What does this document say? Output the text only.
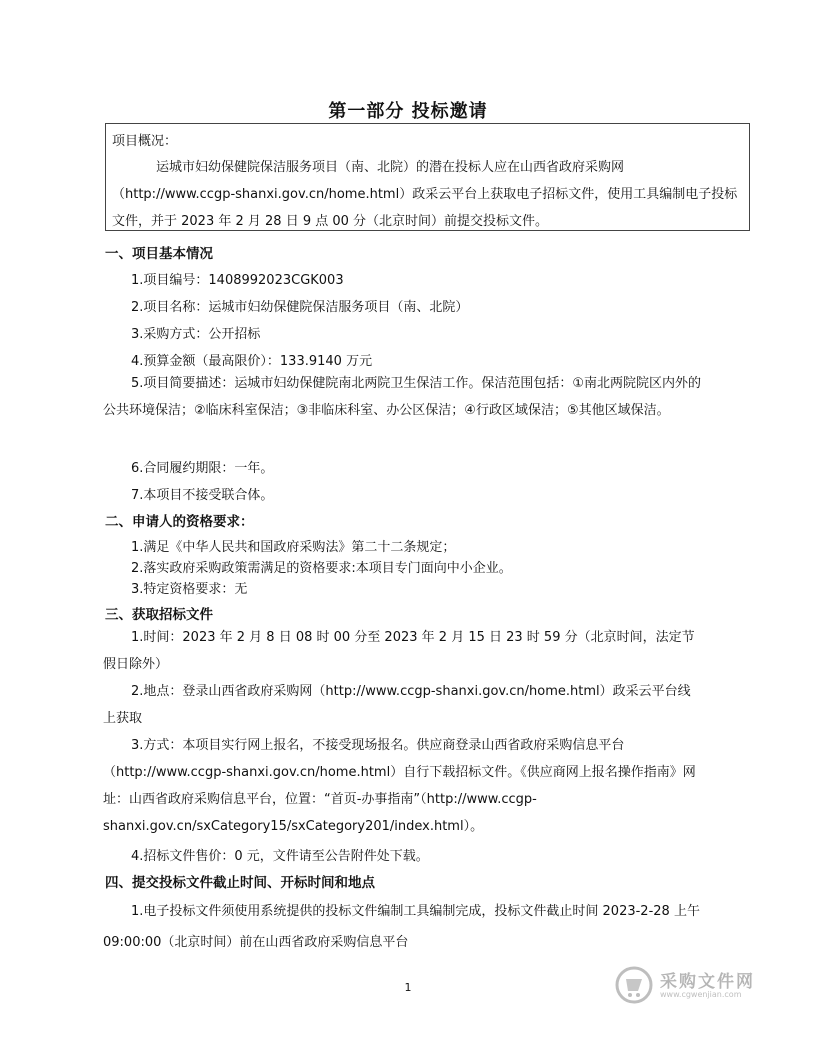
第一部分 投标邀请
项目概况：
运城市妇幼保健院保洁服务项目（南、北院）的潜在投标人应在山西省政府采购网（http://www.ccgp-shanxi.gov.cn/home.html）政采云平台上获取电子招标文件，使用工具编制电子投标文件，并于 2023 年 2 月 28 日 9 点 00 分（北京时间）前提交投标文件。
一、项目基本情况
1.项目编号：1408992023CGK003
2.项目名称：运城市妇幼保健院保洁服务项目（南、北院）
3.采购方式：公开招标
4.预算金额（最高限价）：133.9140 万元
5.项目简要描述：运城市妇幼保健院南北两院卫生保洁工作。保洁范围包括：①南北两院院区内外的公共环境保洁；②临床科室保洁；③非临床科室、办公区保洁；④行政区域保洁；⑤其他区域保洁。
6.合同履约期限：一年。
7.本项目不接受联合体。
二、申请人的资格要求：
1.满足《中华人民共和国政府采购法》第二十二条规定；
2.落实政府采购政策需满足的资格要求:本项目专门面向中小企业。
3.特定资格要求：无
三、获取招标文件
1.时间：2023 年 2 月 8 日 08 时 00 分至 2023 年 2 月 15 日 23 时 59 分（北京时间，法定节假日除外）
2.地点：登录山西省政府采购网（http://www.ccgp-shanxi.gov.cn/home.html）政采云平台线上获取
3.方式：本项目实行网上报名，不接受现场报名。供应商登录山西省政府采购信息平台（http://www.ccgp-shanxi.gov.cn/home.html）自行下载招标文件。《供应商网上报名操作指南》网址：山西省政府采购信息平台，位置：“首页-办事指南”（http://www.ccgp-shanxi.gov.cn/sxCategory15/sxCategory201/index.html）。
4.招标文件售价：0 元，文件请至公告附件处下载。
四、提交投标文件截止时间、开标时间和地点
1.电子投标文件须使用系统提供的投标文件编制工具编制完成，投标文件截止时间 2023-2-28 上午 09:00:00（北京时间）前在山西省政府采购信息平台
采购文件网
www.cgwenjian.com
1
